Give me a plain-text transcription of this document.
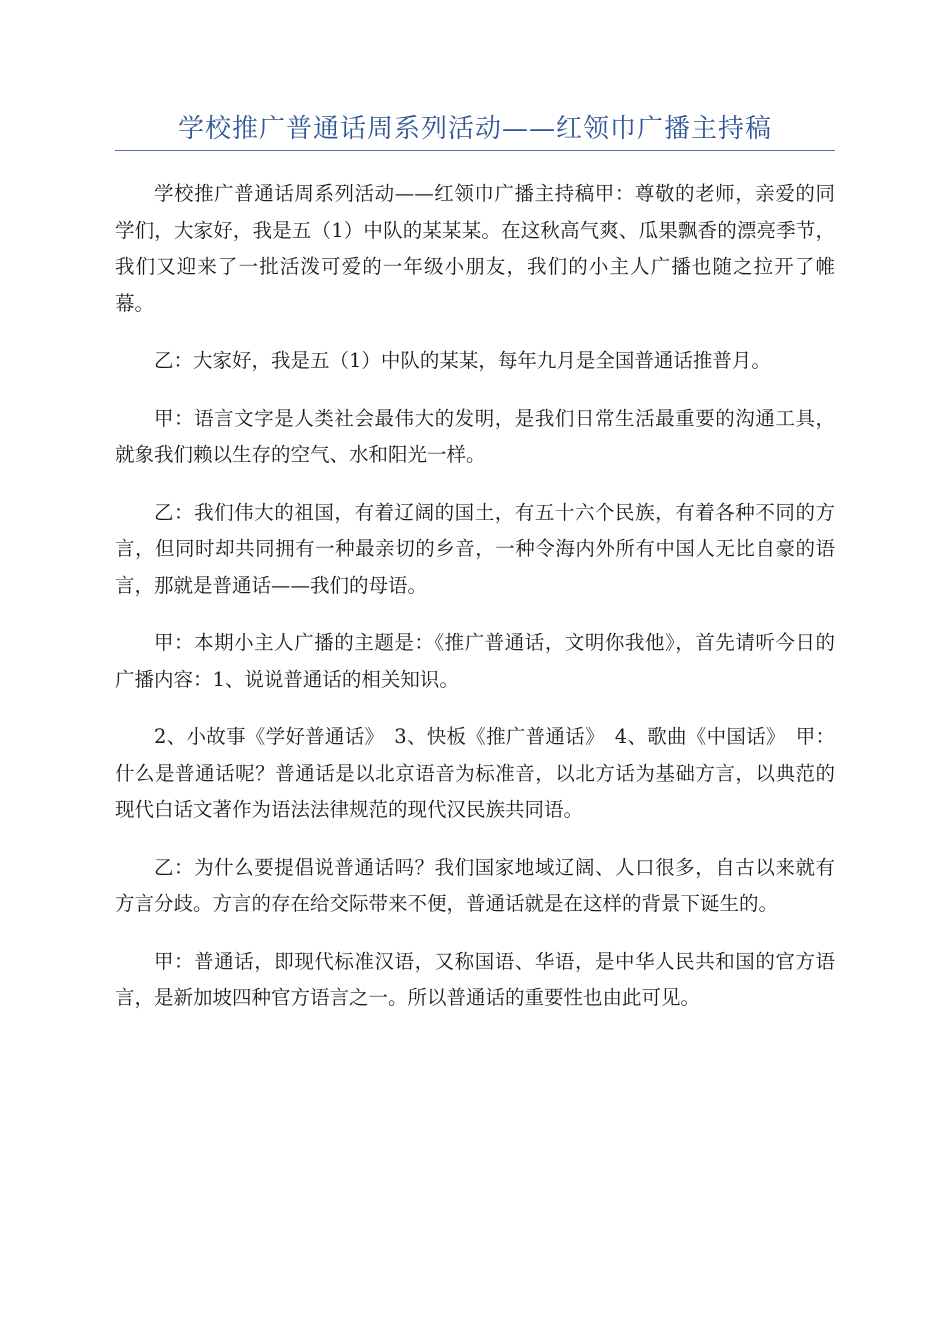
学校推广普通话周系列活动——红领巾广播主持稿

学校推广普通话周系列活动——红领巾广播主持稿甲：尊敬的老师，亲爱的同学们，大家好，我是五（1）中队的某某某。在这秋高气爽、瓜果飘香的漂亮季节，我们又迎来了一批活泼可爱的一年级小朋友，我们的小主人广播也随之拉开了帷幕。

乙：大家好，我是五（1）中队的某某，每年九月是全国普通话推普月。

甲：语言文字是人类社会最伟大的发明，是我们日常生活最重要的沟通工具，就象我们赖以生存的空气、水和阳光一样。

乙：我们伟大的祖国，有着辽阔的国土，有五十六个民族，有着各种不同的方言，但同时却共同拥有一种最亲切的乡音，一种令海内外所有中国人无比自豪的语言，那就是普通话——我们的母语。

甲：本期小主人广播的主题是：《推广普通话，文明你我他》，首先请听今日的广播内容：1、说说普通话的相关知识。

2、小故事《学好普通话》　3、快板《推广普通话》　4、歌曲《中国话》　甲：什么是普通话呢？普通话是以北京语音为标准音，以北方话为基础方言，以典范的现代白话文著作为语法法律规范的现代汉民族共同语。

乙：为什么要提倡说普通话吗？我们国家地域辽阔、人口很多，自古以来就有方言分歧。方言的存在给交际带来不便，普通话就是在这样的背景下诞生的。

甲：普通话，即现代标准汉语，又称国语、华语，是中华人民共和国的官方语言，是新加坡四种官方语言之一。所以普通话的重要性也由此可见。
